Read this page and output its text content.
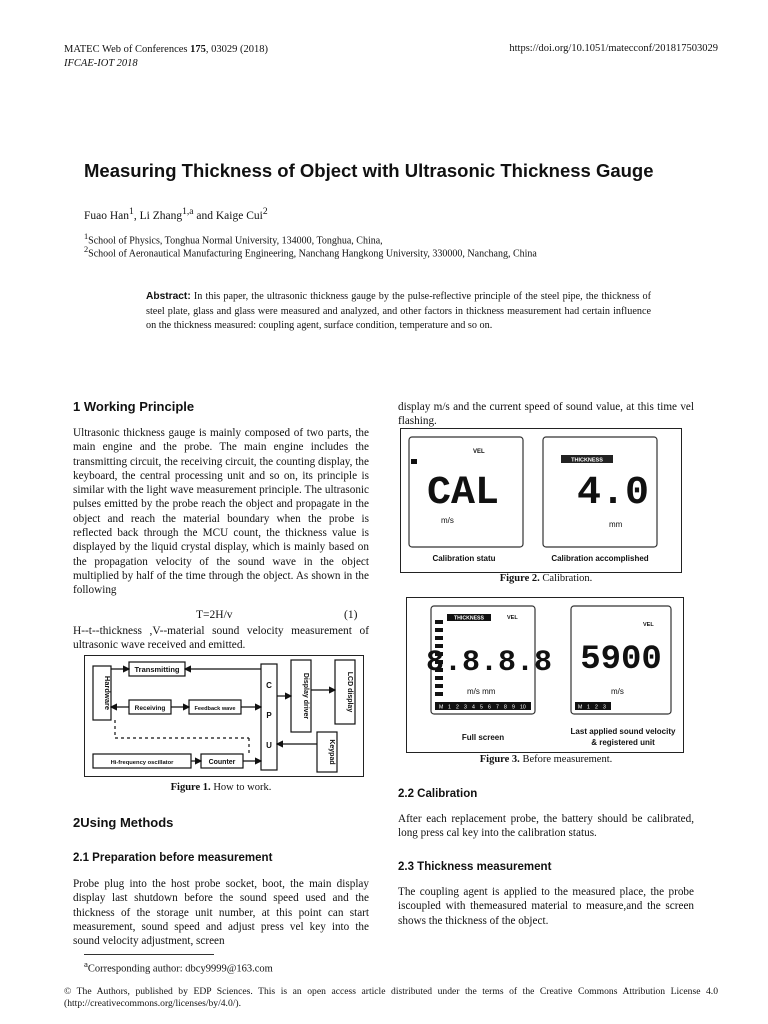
MATEC Web of Conferences 175, 03029 (2018)
IFCAE-IOT 2018
https://doi.org/10.1051/matecconf/201817503029
Measuring Thickness of Object with Ultrasonic Thickness Gauge
Fuao Han$^1$, Li Zhang$^{1,a}$ and Kaige Cui$^2$
$^1$School of Physics, Tonghua Normal University, 134000, Tonghua, China,
$^2$School of Aeronautical Manufacturing Engineering, Nanchang Hangkong University, 330000, Nanchang, China
Abstract: In this paper, the ultrasonic thickness gauge by the pulse-reflective principle of the steel pipe, the thickness of steel plate, glass and glass were measured and analyzed, and other factors in thickness measurement had certain influence on the thickness measured: coupling agent, surface condition, temperature and so on.
1 Working Principle
Ultrasonic thickness gauge is mainly composed of two parts, the main engine and the probe. The main engine includes the transmitting circuit, the receiving circuit, the counting display, the keyboard, the central processing unit and so on, its principle is similar with the light wave measurement principle. The ultrasonic pulses emitted by the probe reach the object and propagate in the object and reach the material boundary when the probe is reflected back through the MCU count, the thickness value is displayed by the liquid crystal display, which is mainly based on the propagation velocity of the sound wave in the object multiplied by half of the time through the object. As shown in the following
T=2H/v	(1)
H--t--thickness ,V--material sound velocity measurement of ultrasonic wave received and emitted.
Hardware
Transmitting
Receiving	Feedback wave
C
P
U
Display driver	LCD display
Keypad
Hi-frequency oscillator	Counter
Figure 1. How to work.
2Using Methods
2.1 Preparation before measurement
Probe plug into the host probe socket, boot, the main display display last shutdown before the sound speed used and the thickness of the storage unit number, at this point can start measurement, sound speed and adjust press vel key into the sound velocity adjustment, screen
display m/s and the current speed of sound value, at this time vel flashing.
VEL
CAL
m/s
Calibration statu
THICKNESS
4.0
mm
Calibration accomplished
Figure 2. Calibration.
THICKNESS	VEL
8.8.8.8
m/s mm
M 1 2 3 4 5 6 7 8 9 10
Full screen
VEL
5900
m/s
M 1 2 3
Last applied sound velocity & registered unit
Figure 3. Before measurement.
2.2 Calibration
After each replacement probe, the battery should be calibrated, long press cal key into the calibration status.
2.3 Thickness measurement
The coupling agent is applied to the measured place, the probe iscoupled with themeasured material to measure,and the screen shows the thickness of the object.
$^a$Corresponding author: dbcy9999@163.com
© The Authors, published by EDP Sciences. This is an open access article distributed under the terms of the Creative Commons Attribution License 4.0 (http://creativecommons.org/licenses/by/4.0/).
